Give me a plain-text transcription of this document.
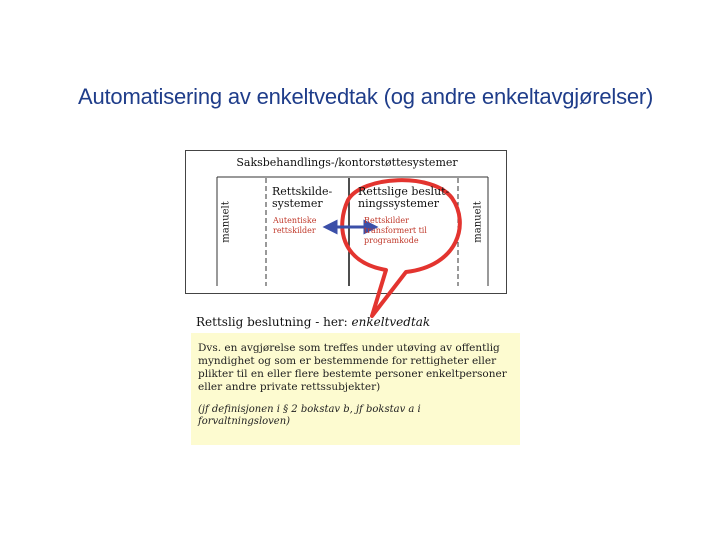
Automatisering av enkeltvedtak (og andre enkeltavgjørelser)
Saksbehandlings-/kontorstøttesystemer
manuelt	manuelt
Rettskilde-
systemer
Autentiske
rettskilder
Rettslige beslut-
ningssystemer
Rettskilder
transformert til
programkode
Rettslig beslutning - her: enkeltvedtak

Dvs. en avgjørelse som treffes under utøving av offentlig myndighet og som er bestemmende for rettigheter eller plikter til en eller flere bestemte personer enkeltpersoner eller andre private rettssubjekter)

(jf definisjonen i § 2 bokstav b, jf bokstav a i forvaltningsloven)
